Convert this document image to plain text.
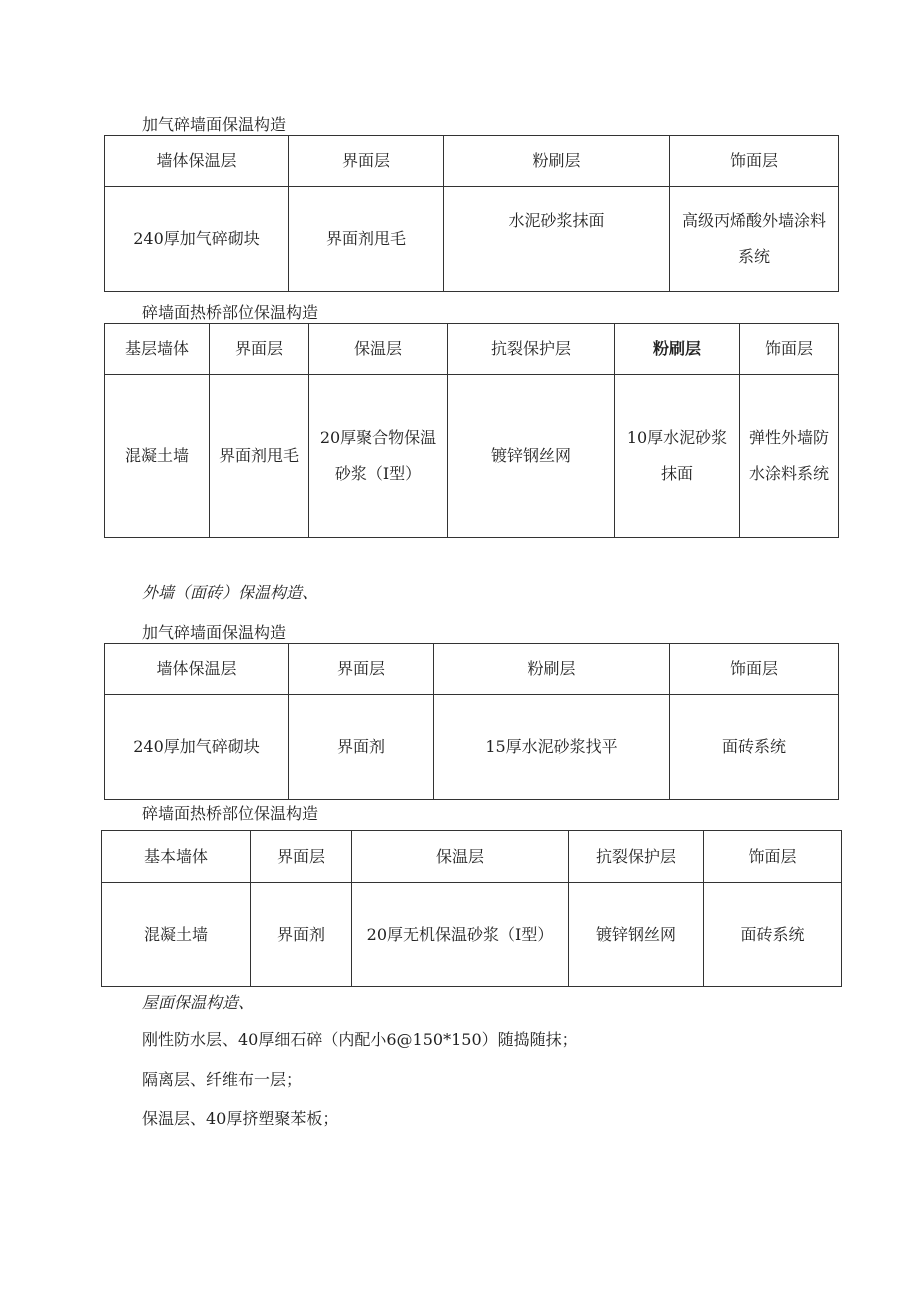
加气碎墙面保温构造
墙体保温层	界面层	粉刷层	饰面层
240厚加气碎砌块	界面剂甩毛	水泥砂浆抹面	高级丙烯酸外墙涂料系统
碎墙面热桥部位保温构造
基层墙体	界面层	保温层	抗裂保护层	粉刷层	饰面层
混凝土墙	界面剂甩毛	20厚聚合物保温砂浆（I型）	镀锌钢丝网	10厚水泥砂浆抹面	弹性外墙防水涂料系统
外墙（面砖）保温构造、
加气碎墙面保温构造
墙体保温层	界面层	粉刷层	饰面层
240厚加气碎砌块	界面剂	15厚水泥砂浆找平	面砖系统
碎墙面热桥部位保温构造
基本墙体	界面层	保温层	抗裂保护层	饰面层
混凝土墙	界面剂	20厚无机保温砂浆（I型）	镀锌钢丝网	面砖系统
屋面保温构造、
刚性防水层、40厚细石碎（内配小6@150*150）随捣随抹；
隔离层、纤维布一层；
保温层、40厚挤塑聚苯板；
